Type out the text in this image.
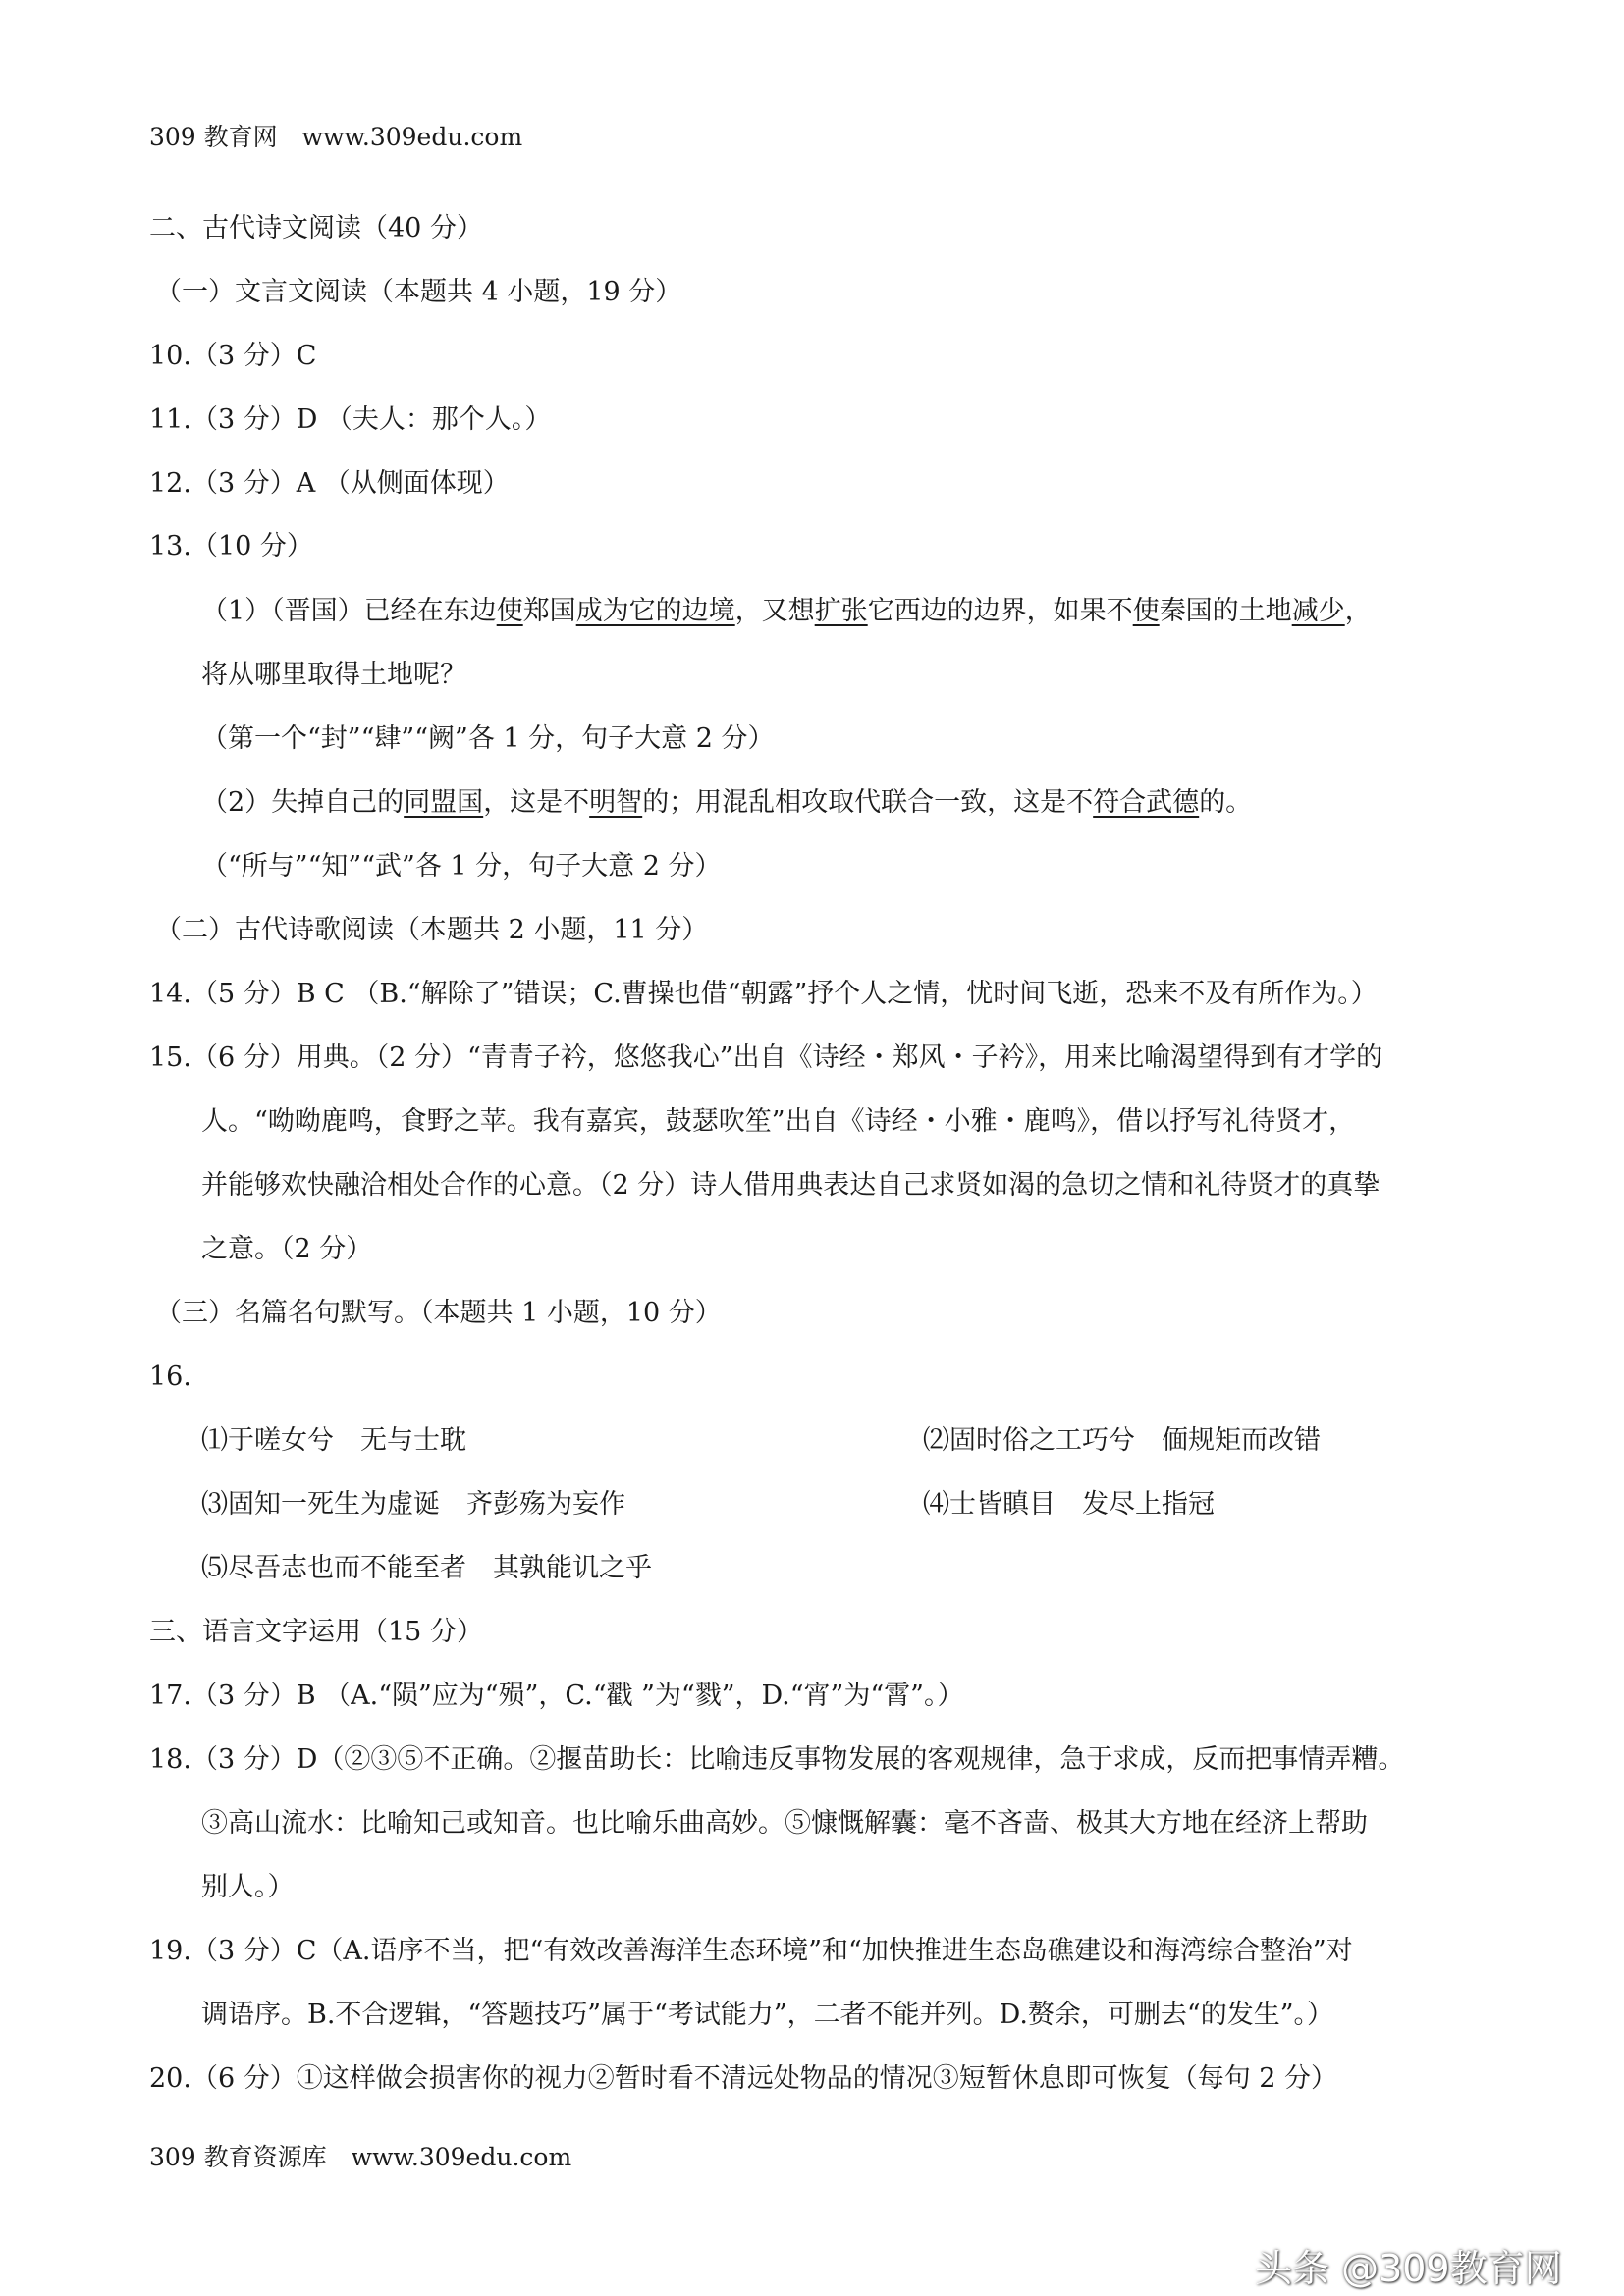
309 教育网　www.309edu.com
二、古代诗文阅读（40 分）
（一）文言文阅读（本题共 4 小题，19 分）
10.（3 分）C
11.（3 分）D （夫人：那个人。）
12.（3 分）A （从侧面体现）
13.（10 分）
（1）（晋国）已经在东边使郑国成为它的边境，又想扩张它西边的边界，如果不使秦国的土地减少，
将从哪里取得土地呢？
（第一个“封”“肆”“阙”各 1 分，句子大意 2 分）
（2）失掉自己的同盟国，这是不明智的；用混乱相攻取代联合一致，这是不符合武德的。
（“所与”“知”“武”各 1 分，句子大意 2 分）
（二）古代诗歌阅读（本题共 2 小题，11 分）
14.（5 分）B C （B.“解除了”错误；C.曹操也借“朝露”抒个人之情，忧时间飞逝，恐来不及有所作为。）
15.（6 分）用典。（2 分）“青青子衿，悠悠我心”出自《诗经・郑风・子衿》，用来比喻渴望得到有才学的
人。“呦呦鹿鸣，食野之苹。我有嘉宾，鼓瑟吹笙”出自《诗经・小雅・鹿鸣》，借以抒写礼待贤才，
并能够欢快融洽相处合作的心意。（2 分）诗人借用典表达自己求贤如渴的急切之情和礼待贤才的真挚
之意。（2 分）
（三）名篇名句默写。（本题共 1 小题，10 分）
16.
⑴于嗟女兮　无与士耽	⑵固时俗之工巧兮　偭规矩而改错
⑶固知一死生为虚诞　齐彭殇为妄作	⑷士皆瞋目　发尽上指冠
⑸尽吾志也而不能至者　其孰能讥之乎
三、语言文字运用（15 分）
17.（3 分）B （A.“陨”应为“殒”，C.“戳 ”为“戮”，D.“宵”为“霄”。）
18.（3 分）D（②③⑤不正确。②揠苗助长：比喻违反事物发展的客观规律，急于求成，反而把事情弄糟。
③高山流水：比喻知己或知音。也比喻乐曲高妙。⑤慷慨解囊：毫不吝啬、极其大方地在经济上帮助
别人。）
19.（3 分）C（A.语序不当，把“有效改善海洋生态环境”和“加快推进生态岛礁建设和海湾综合整治”对
调语序。B.不合逻辑，“答题技巧”属于“考试能力”，二者不能并列。D.赘余，可删去“的发生”。）
20.（6 分）①这样做会损害你的视力②暂时看不清远处物品的情况③短暂休息即可恢复（每句 2 分）
309 教育资源库　www.309edu.com
头条 @309教育网
